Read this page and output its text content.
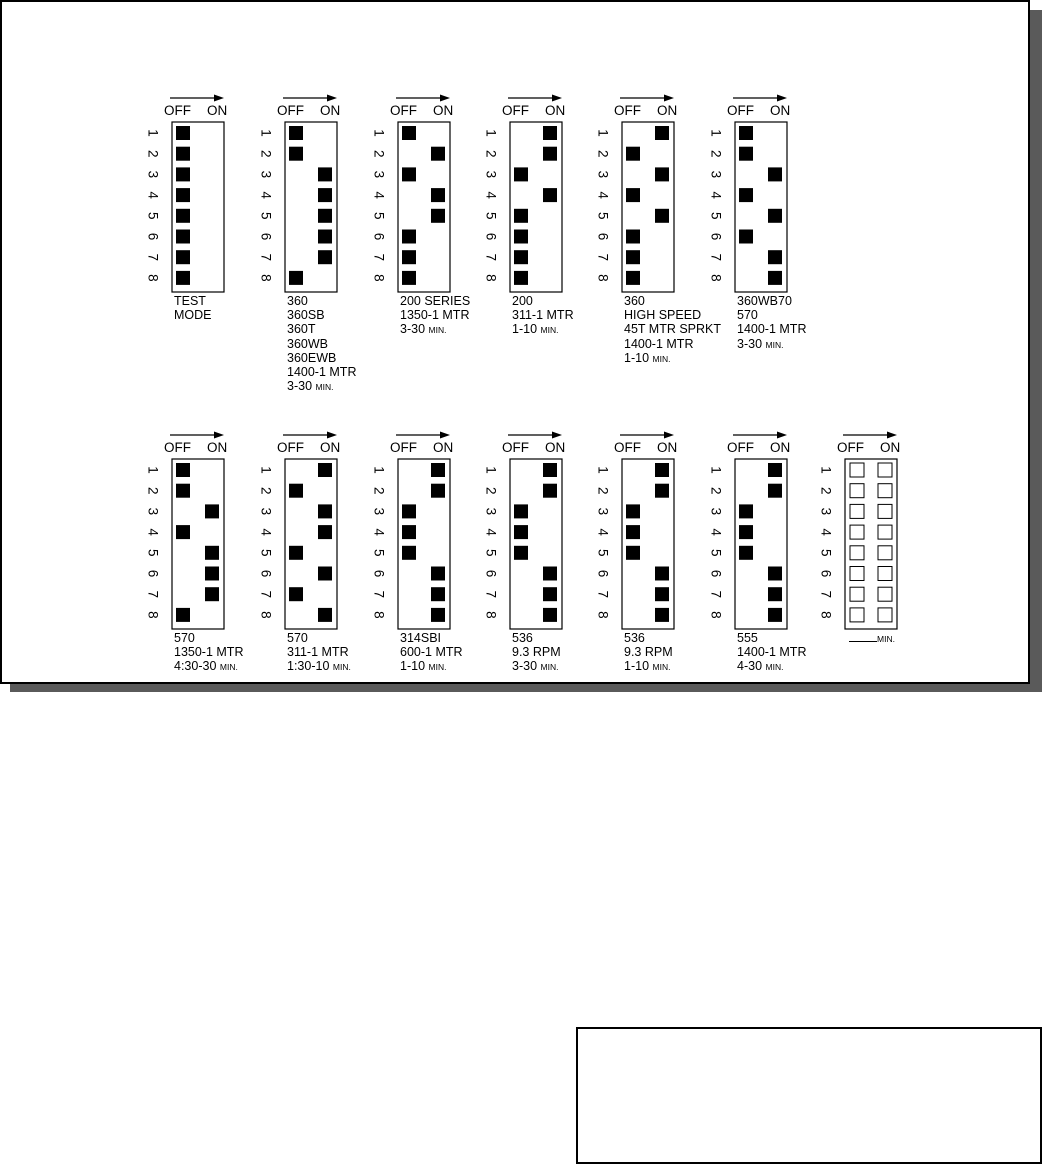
OFF ON
1
2
3
4
5
6
7
8
OFF ON
1
2
3
4
5
6
7
8
OFF ON
1
2
3
4
5
6
7
8
OFF ON
1
2
3
4
5
6
7
8
OFF ON
1
2
3
4
5
6
7
8
OFF ON
1
2
3
4
5
6
7
8
OFF ON
1
2
3
4
5
6
7
8
OFF ON
1
2
3
4
5
6
7
8
OFF ON
1
2
3
4
5
6
7
8
OFF ON
1
2
3
4
5
6
7
8
OFF ON
1
2
3
4
5
6
7
8
OFF ON
1
2
3
4
5
6
7
8
OFF ON
1
2
3
4
5
6
7
8
TEST
MODE
360
360SB
360T
360WB
360EWB
1400-1 MTR
3-30 MIN.
200 SERIES
1350-1 MTR
3-30 MIN.
200
311-1 MTR
1-10 MIN.
360
HIGH SPEED
45T MTR SPRKT
1400-1 MTR
1-10 MIN.
360WB70
570
1400-1 MTR
3-30 MIN.
570
1350-1 MTR
4:30-30 MIN.
570
311-1 MTR
1:30-10 MIN.
314SBI
600-1 MTR
1-10 MIN.
536
9.3 RPM
3-30 MIN.
536
9.3 RPM
1-10 MIN.
555
1400-1 MTR
4-30 MIN.
MIN.
